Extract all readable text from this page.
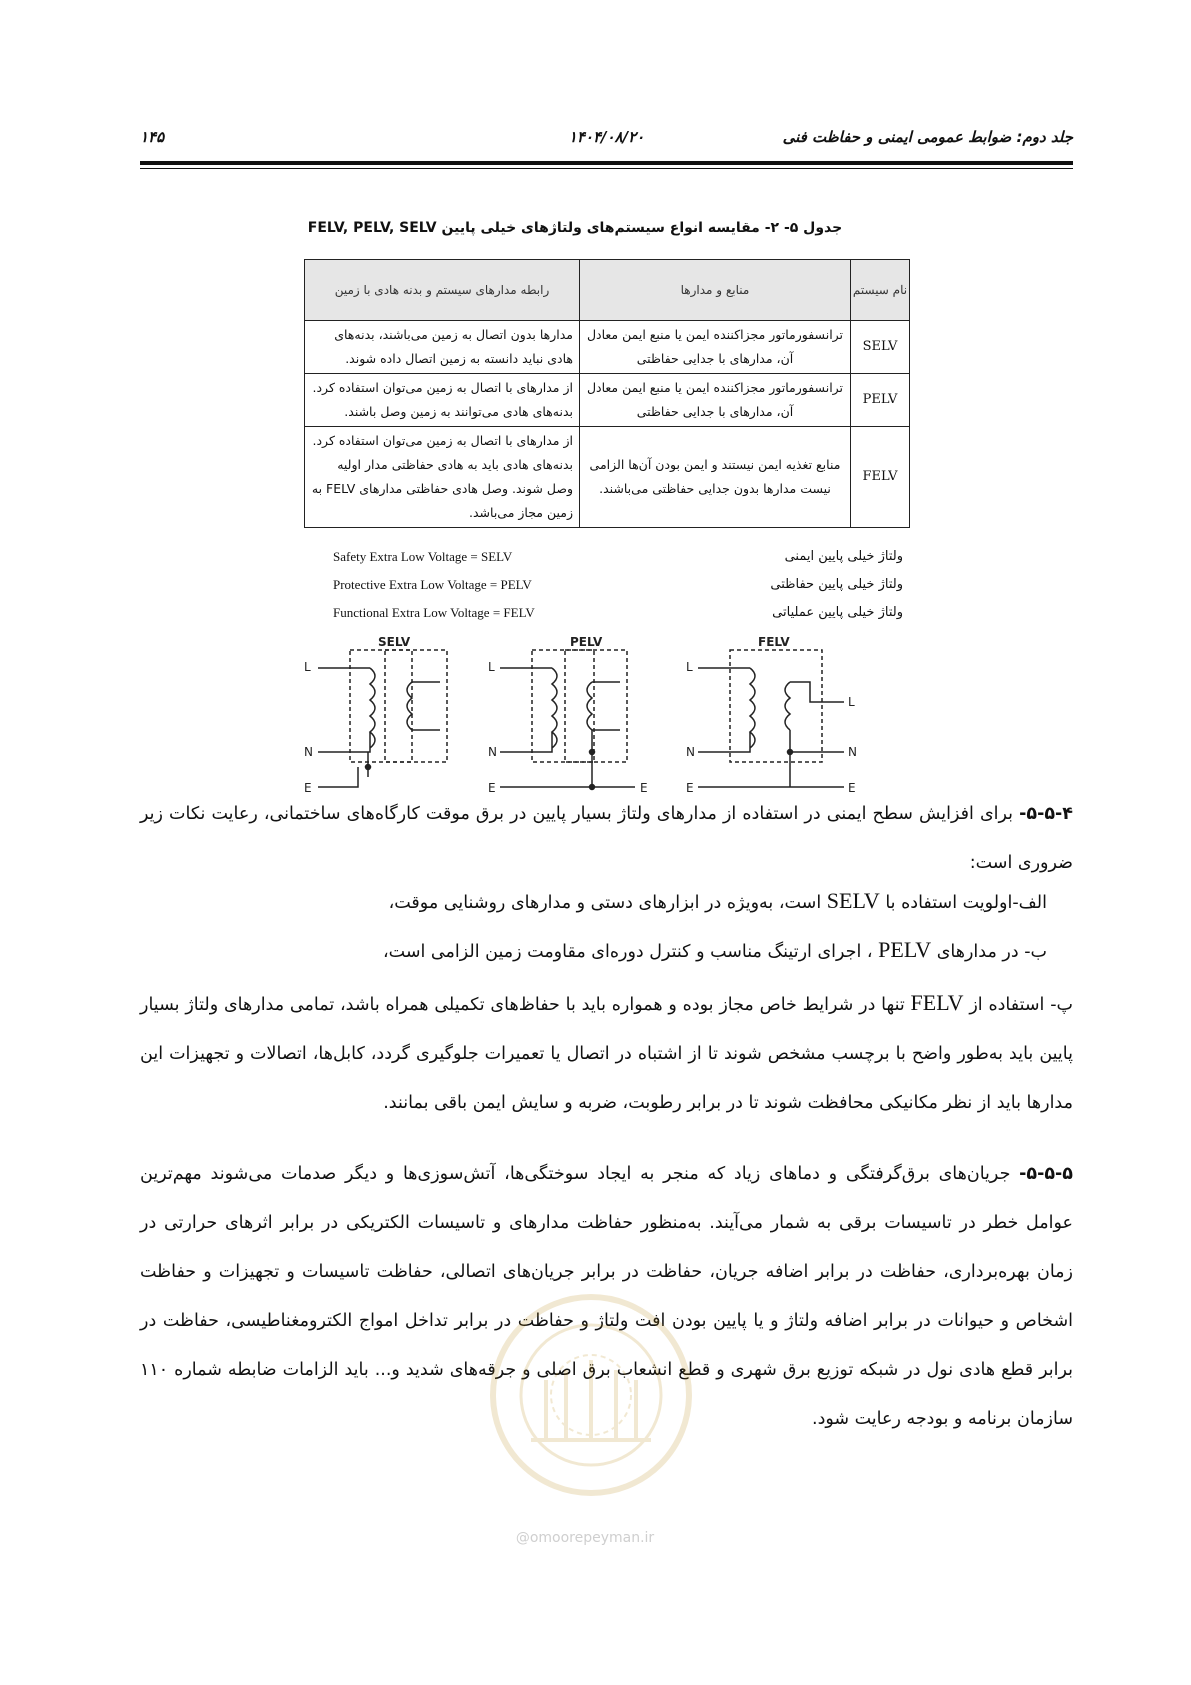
جلد دوم: ضوابط عمومی ایمنی و حفاظت فنی
۱۴۰۴/۰۸/۲۰
۱۴۵
جدول ۵- ۲- مقایسه انواع سیستم‌های ولتاژهای خیلی پایین FELV, PELV, SELV
نام سیستم	منابع و مدارها	رابطه مدارهای سیستم و بدنه هادی با زمین
SELV	ترانسفورماتور مجزاکننده ایمن یا منبع ایمن معادل آن، مدارهای با جدایی حفاظتی	مدارها بدون اتصال به زمین می‌باشند، بدنه‌های هادی نباید دانسته به زمین اتصال داده شوند.
PELV	ترانسفورماتور مجزاکننده ایمن یا منبع ایمن معادل آن، مدارهای با جدایی حفاظتی	از مدارهای با اتصال به زمین می‌توان استفاده کرد. بدنه‌های هادی می‌توانند به زمین وصل باشند.
FELV	منابع تغذیه ایمن نیستند و ایمن بودن آن‌ها الزامی نیست مدارها بدون جدایی حفاظتی می‌باشند.	از مدارهای با اتصال به زمین می‌توان استفاده کرد. بدنه‌های هادی باید به هادی حفاظتی مدار اولیه وصل شوند. وصل هادی حفاظتی مدارهای FELV به زمین مجاز می‌باشد.
Safety Extra Low Voltage = SELV
Protective Extra Low Voltage = PELV
Functional Extra Low Voltage = FELV
ولتاژ خیلی پایین ایمنی
ولتاژ خیلی پایین حفاظتی
ولتاژ خیلی پایین عملیاتی
SELV
L
N
E
PELV
L
N
E	E
FELV
L
N
E
L
N
E
۵-۵-۴- برای افزایش سطح ایمنی در استفاده از مدارهای ولتاژ بسیار پایین در برق موقت کارگاه‌های ساختمانی، رعایت نکات زیر ضروری است:
الف-اولویت استفاده با SELV است، به‌ویژه در ابزارهای دستی و مدارهای روشنایی موقت،
ب- در مدارهای PELV ، اجرای ارتینگ مناسب و کنترل دوره‌ای مقاومت زمین الزامی است،
پ- استفاده از FELV تنها در شرایط خاص مجاز بوده و همواره باید با حفاظ‌های تکمیلی همراه باشد، تمامی مدارهای ولتاژ بسیار پایین باید به‌طور واضح با برچسب مشخص شوند تا از اشتباه در اتصال یا تعمیرات جلوگیری گردد، کابل‌ها، اتصالات و تجهیزات این مدارها باید از نظر مکانیکی محافظت شوند تا در برابر رطوبت، ضربه و سایش ایمن باقی بمانند.
۵-۵-۵- جریان‌های برق‌گرفتگی و دماهای زیاد که منجر به ایجاد سوختگی‌ها، آتش‌سوزی‌ها و دیگر صدمات می‌شوند مهم‌ترین عوامل خطر در تاسیسات برقی به شمار می‌آیند. به‌منظور حفاظت مدارهای و تاسیسات الکتریکی در برابر اثرهای حرارتی در زمان بهره‌برداری، حفاظت در برابر اضافه جریان، حفاظت در برابر جریان‌های اتصالی، حفاظت تاسیسات و تجهیزات و حفاظت اشخاص و حیوانات در برابر اضافه ولتاژ و یا پایین بودن افت ولتاژ و حفاظت در برابر تداخل امواج الکترومغناطیسی، حفاظت در برابر قطع هادی نول در شبکه توزیع برق شهری و قطع انشعاب برق اصلی و جرقه‌های شدید و... باید الزامات ضابطه شماره ۱۱۰ سازمان برنامه و بودجه رعایت شود.
@omoorepeyman.ir
